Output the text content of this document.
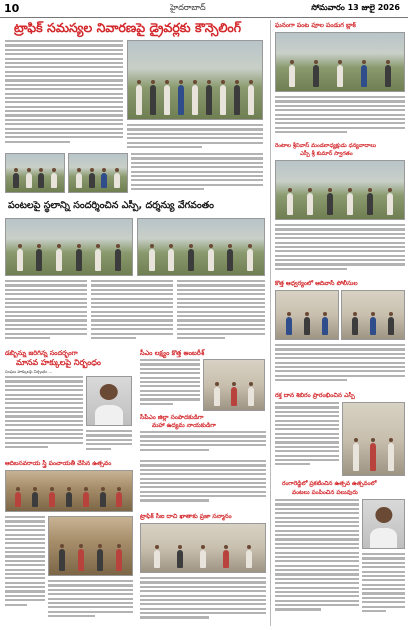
10	హైదరాబాద్	సోమవారం 13 జులై 2026
ట్రాఫిక్ సమస్యల నివారణపై డ్రైవర్లకు కౌన్సెలింగ్
పంటలపై స్థలాన్ని సందర్శించిన ఎస్పీ, దర్శన్యు వేగవంతం
డబ్బిన్ను జరిగిన్న సందర్భంగా
మానవ హక్కులపై నిర్బంధం
సంఘం హక్కులపై నిర్బంధం ...
సీఎం లక్ష్యం కొత్త అంబరీశ్
సీపీఎం జిల్లా సంపాదకుడిగా
మహా ఉద్యమ నాయకుడిగా
ఆదిబసవరాయ స్త్రీ పంచాయతీ చేసిన ఉత్సవం
ట్రాఫిక్ సీఐ దాచి ఖాతాకు ప్రజా సన్మానం
ఘనంగా పంట పూల పండుగ బ్లాక్
రెంటాల శ్రీనివాస్ మండలాధ్యక్షుడు ధన్యవాదాలు
ఎస్పీ శ్రీ కుమార్ స్వాగతం
కొత్త ఆధ్వర్యంలో ఆదివాసీ పోలీసుల
రక్త దాన శిబిరం ప్రారంభించిన ఎస్పీ
రంగారెడ్డిలో ప్రకటించిన ఉత్సవ ఉత్సవంలో
వంటలు పంపించిన పలువురు
